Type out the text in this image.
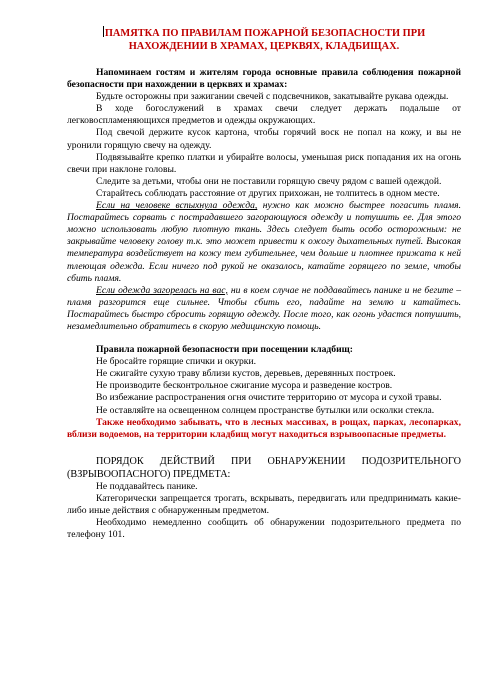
ПАМЯТКА ПО ПРАВИЛАМ ПОЖАРНОЙ БЕЗОПАСНОСТИ ПРИ
НАХОЖДЕНИИ В ХРАМАХ, ЦЕРКВЯХ, КЛАДБИЩАХ.

Напоминаем гостям и жителям города основные правила соблюдения пожарной безопасности при нахождении в церквях и храмах:

Будьте осторожны при зажигании свечей с подсвечников, закатывайте рукава одежды.

В ходе богослужений в храмах свечи следует держать подальше от легковоспламеняющихся предметов и одежды окружающих.

Под свечой держите кусок картона, чтобы горячий воск не попал на кожу, и вы не уронили горящую свечу на одежду.

Подвязывайте крепко платки и убирайте волосы, уменьшая риск попадания их на огонь свечи при наклоне головы.

Следите за детьми, чтобы они не поставили горящую свечу рядом с вашей одеждой.

Старайтесь соблюдать расстояние от других прихожан, не толпитесь в одном месте.

Если на человеке вспыхнула одежда, нужно как можно быстрее погасить пламя. Постарайтесь сорвать с пострадавшего загорающуюся одежду и потушить ее. Для этого можно использовать любую плотную ткань. Здесь следует быть особо осторожным: не закрывайте человеку голову т.к. это может привести к ожогу дыхательных путей. Высокая температура воздействует на кожу тем губительнее, чем дольше и плотнее прижата к ней тлеющая одежда. Если ничего под рукой не оказалось, катайте горящего по земле, чтобы сбить пламя.

Если одежда загорелась на вас, ни в коем случае не поддавайтесь панике и не бегите – пламя разгорится еще сильнее. Чтобы сбить его, падайте на землю и катайтесь. Постарайтесь быстро сбросить горящую одежду. После того, как огонь удастся потушить, незамедлительно обратитесь в скорую медицинскую помощь.

Правила пожарной безопасности при посещении кладбищ:

Не бросайте горящие спички и окурки.

Не сжигайте сухую траву вблизи кустов, деревьев, деревянных построек.

Не производите бесконтрольное сжигание мусора и разведение костров.

Во избежание распространения огня очистите территорию от мусора и сухой травы.

Не оставляйте на освещенном солнцем пространстве бутылки или осколки стекла.

Также необходимо забывать, что в лесных массивах, в рощах, парках, лесопарках, вблизи водоемов, на территории кладбищ могут находиться взрывоопасные предметы.

ПОРЯДОК ДЕЙСТВИЙ ПРИ ОБНАРУЖЕНИИ ПОДОЗРИТЕЛЬНОГО (ВЗРЫВООПАСНОГО) ПРЕДМЕТА:

Не поддавайтесь панике.

Категорически запрещается трогать, вскрывать, передвигать или предпринимать какие-либо иные действия с обнаруженным предметом.

Необходимо немедленно сообщить об обнаружении подозрительного предмета по телефону 101.
